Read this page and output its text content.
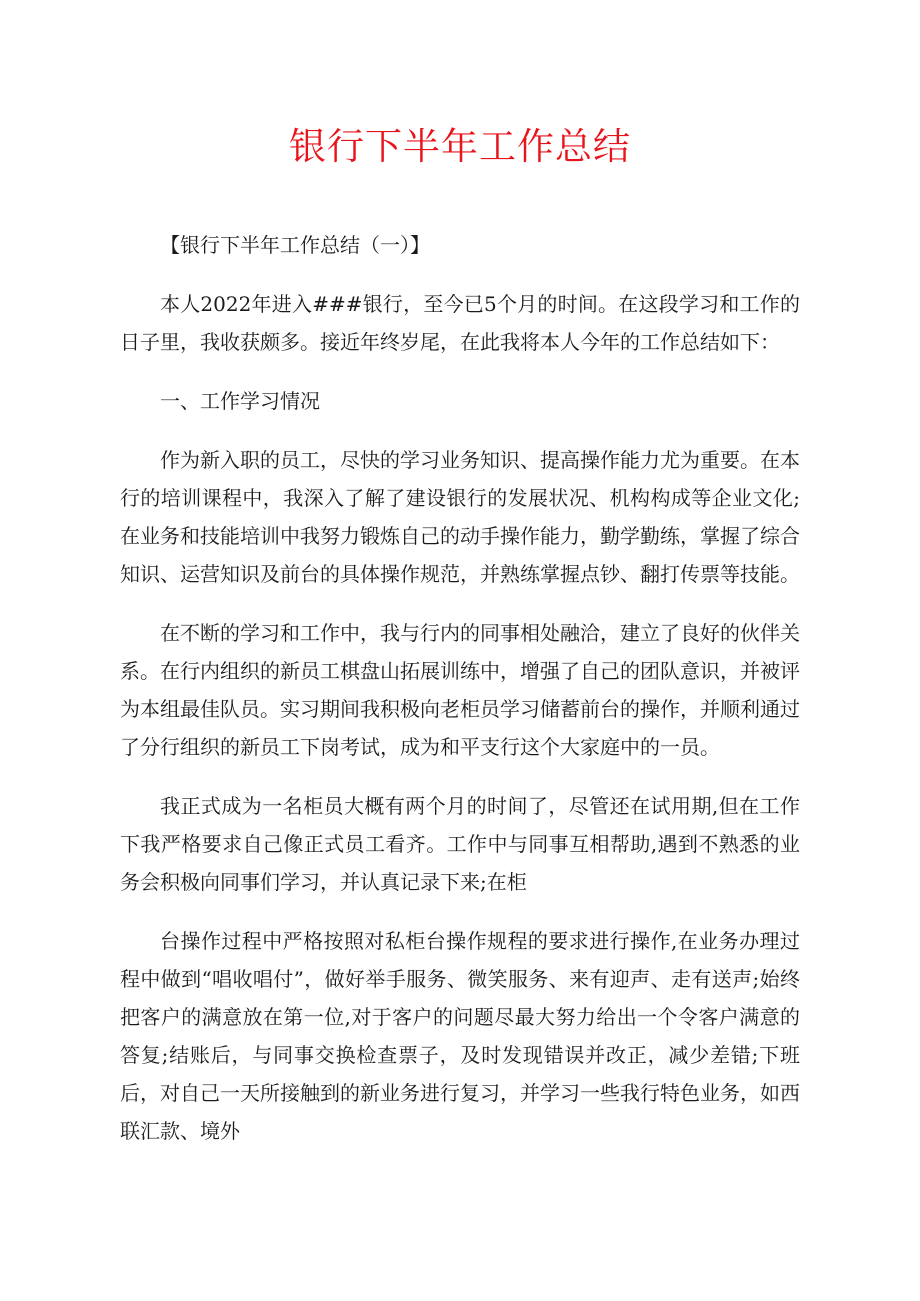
银行下半年工作总结

【银行下半年工作总结（一）】

本人2022年进入###银行，至今已5个月的时间。在这段学习和工作的日子里，我收获颇多。接近年终岁尾，在此我将本人今年的工作总结如下：

一、工作学习情况

作为新入职的员工，尽快的学习业务知识、提高操作能力尤为重要。在本行的培训课程中，我深入了解了建设银行的发展状况、机构构成等企业文化;在业务和技能培训中我努力锻炼自己的动手操作能力，勤学勤练，掌握了综合知识、运营知识及前台的具体操作规范，并熟练掌握点钞、翻打传票等技能。

在不断的学习和工作中，我与行内的同事相处融洽，建立了良好的伙伴关系。在行内组织的新员工棋盘山拓展训练中，增强了自己的团队意识，并被评为本组最佳队员。实习期间我积极向老柜员学习储蓄前台的操作，并顺利通过了分行组织的新员工下岗考试，成为和平支行这个大家庭中的一员。

我正式成为一名柜员大概有两个月的时间了，尽管还在试用期,但在工作下我严格要求自己像正式员工看齐。工作中与同事互相帮助,遇到不熟悉的业务会积极向同事们学习，并认真记录下来;在柜

台操作过程中严格按照对私柜台操作规程的要求进行操作,在业务办理过程中做到“唱收唱付”，做好举手服务、微笑服务、来有迎声、走有送声;始终把客户的满意放在第一位,对于客户的问题尽最大努力给出一个令客户满意的答复;结账后，与同事交换检查票子，及时发现错误并改正，减少差错;下班后，对自己一天所接触到的新业务进行复习，并学习一些我行特色业务，如西联汇款、境外
